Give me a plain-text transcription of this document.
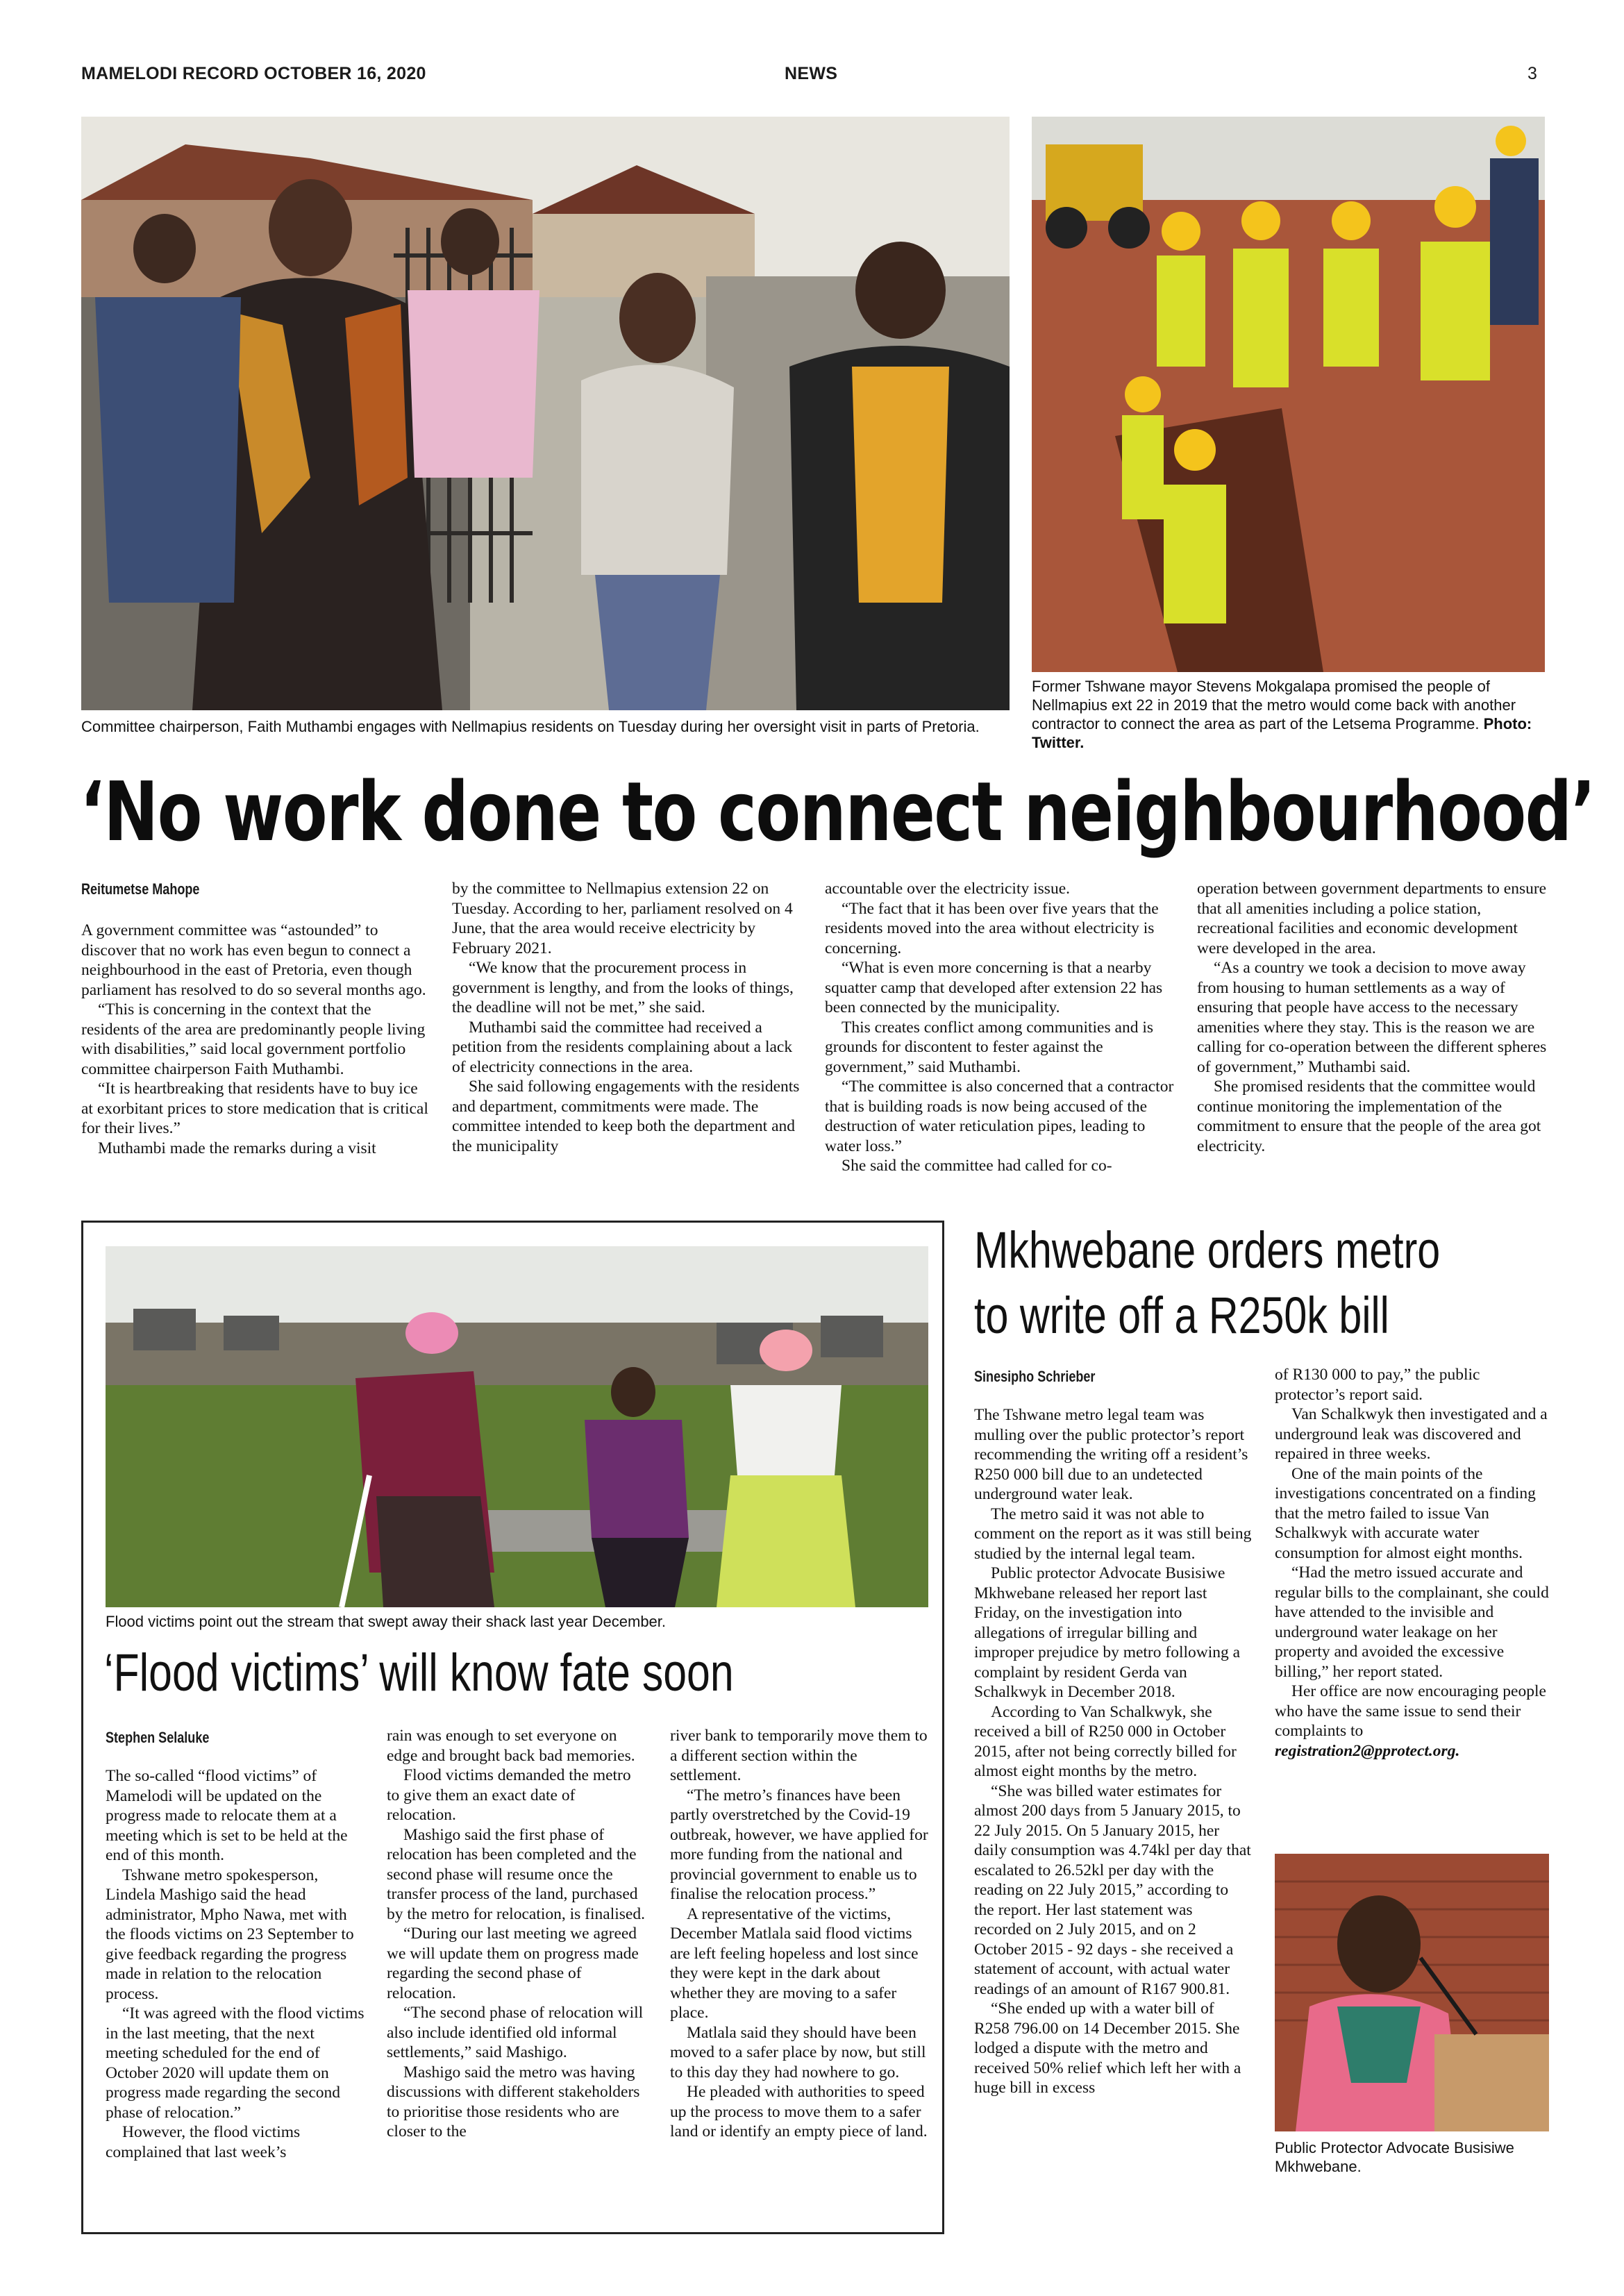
MAMELODI RECORD OCTOBER 16, 2020	NEWS	3
Committee chairperson, Faith Muthambi engages with Nellmapius residents on Tuesday during her oversight visit in parts of Pretoria.
Former Tshwane mayor Stevens Mokgalapa promised the people of Nellmapius ext 22 in 2019 that the metro would come back with another contractor to connect the area as part of the Letsema Programme. Photo: Twitter.
‘No work done to connect neighbourhood’
Reitumetse Mahope

A government committee was “astounded” to discover that no work has even begun to connect a neighbourhood in the east of Pretoria, even though parliament has resolved to do so several months ago.

“This is concerning in the context that the residents of the area are predominantly people living with disabilities,” said local government portfolio committee chairperson Faith Muthambi.

“It is heartbreaking that residents have to buy ice at exorbitant prices to store medication that is critical for their lives.”

Muthambi made the remarks during a visit

by the committee to Nellmapius extension 22 on Tuesday. According to her, parliament resolved on 4 June, that the area would receive electricity by February 2021.

“We know that the procurement process in government is lengthy, and from the looks of things, the deadline will not be met,” she said.

Muthambi said the committee had received a petition from the residents complaining about a lack of electricity connections in the area.

She said following engagements with the residents and department, commitments were made. The committee intended to keep both the department and the municipality

accountable over the electricity issue.

“The fact that it has been over five years that the residents moved into the area without electricity is concerning.

“What is even more concerning is that a nearby squatter camp that developed after extension 22 has been connected by the municipality.

This creates conflict among communities and is grounds for discontent to fester against the government,” said Muthambi.

“The committee is also concerned that a contractor that is building roads is now being accused of the destruction of water reticulation pipes, leading to water loss.”

She said the committee had called for co-

operation between government departments to ensure that all amenities including a police station, recreational facilities and economic development were developed in the area.

“As a country we took a decision to move away from housing to human settlements as a way of ensuring that people have access to the necessary amenities where they stay. This is the reason we are calling for co-operation between the different spheres of government,” Muthambi said.

She promised residents that the committee would continue monitoring the implementation of the commitment to ensure that the people of the area got electricity.

Flood victims point out the stream that swept away their shack last year December.
‘Flood victims’ will know fate soon
Stephen Selaluke

The so-called “flood victims” of Mamelodi will be updated on the progress made to relocate them at a meeting which is set to be held at the end of this month.

Tshwane metro spokesperson, Lindela Mashigo said the head administrator, Mpho Nawa, met with the floods victims on 23 September to give feedback regarding the progress made in relation to the relocation process.

“It was agreed with the flood victims in the last meeting, that the next meeting scheduled for the end of October 2020 will update them on progress made regarding the second phase of relocation.”

However, the flood victims complained that last week’s

rain was enough to set everyone on edge and brought back bad memories.

Flood victims demanded the metro to give them an exact date of relocation.

Mashigo said the first phase of relocation has been completed and the second phase will resume once the transfer process of the land, purchased by the metro for relocation, is finalised.

“During our last meeting we agreed we will update them on progress made regarding the second phase of relocation.

“The second phase of relocation will also include identified old informal settlements,” said Mashigo.

Mashigo said the metro was having discussions with different stakeholders to prioritise those residents who are closer to the

river bank to temporarily move them to a different section within the settlement.

“The metro’s finances have been partly overstretched by the Covid-19 outbreak, however, we have applied for more funding from the national and provincial government to enable us to finalise the relocation process.”

A representative of the victims, December Matlala said flood victims are left feeling hopeless and lost since they were kept in the dark about whether they are moving to a safer place.

Matlala said they should have been moved to a safer place by now, but still to this day they had nowhere to go.

He pleaded with authorities to speed up the process to move them to a safer land or identify an empty piece of land.

Mkhwebane orders metro
to write off a R250k bill
Sinesipho Schrieber

The Tshwane metro legal team was mulling over the public protector’s report recommending the writing off a resident’s R250 000 bill due to an undetected underground water leak.

The metro said it was not able to comment on the report as it was still being studied by the internal legal team.

Public protector Advocate Busisiwe Mkhwebane released her report last Friday, on the investigation into allegations of irregular billing and improper prejudice by metro following a complaint by resident Gerda van Schalkwyk in December 2018.

According to Van Schalkwyk, she received a bill of R250 000 in October 2015, after not being correctly billed for almost eight months by the metro.

“She was billed water estimates for almost 200 days from 5 January 2015, to 22 July 2015. On 5 January 2015, her daily consumption was 4.74kl per day that escalated to 26.52kl per day with the reading on 22 July 2015,” according to the report. Her last statement was recorded on 2 July 2015, and on 2 October 2015 - 92 days - she received a statement of account, with actual water readings of an amount of R167 900.81.

“She ended up with a water bill of R258 796.00 on 14 December 2015. She lodged a dispute with the metro and received 50% relief which left her with a huge bill in excess

of R130 000 to pay,” the public protector’s report said.

Van Schalkwyk then investigated and a underground leak was discovered and repaired in three weeks.

One of the main points of the investigations concentrated on a finding that the metro failed to issue Van Schalkwyk with accurate water consumption for almost eight months.

“Had the metro issued accurate and regular bills to the complainant, she could have attended to the invisible and underground water leakage on her property and avoided the excessive billing,” her report stated.

Her office are now encouraging people who have the same issue to send their complaints to

registration2@pprotect.org.

Public Protector Advocate Busisiwe Mkhwebane.
